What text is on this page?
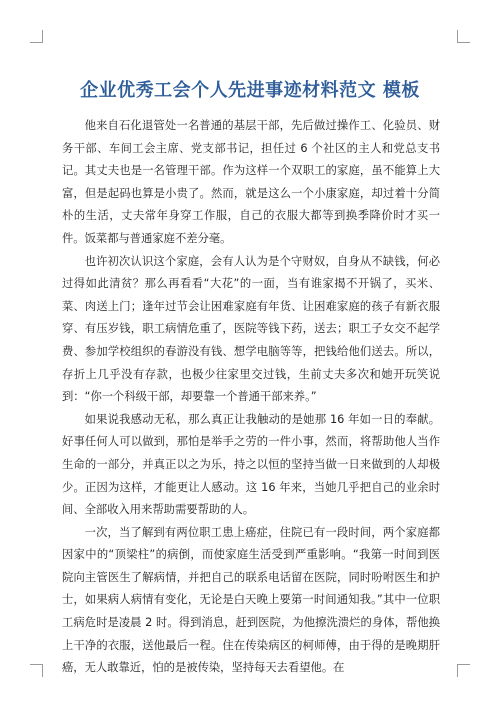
企业优秀工会个人先进事迹材料范文 模板

他来自石化退管处一名普通的基层干部，先后做过操作工、化验员、财务干部、车间工会主席、党支部书记，担任过 6 个社区的主人和党总支书记。其丈夫也是一名管理干部。作为这样一个双职工的家庭，虽不能算上大富，但是起码也算是小贵了。然而，就是这么一个小康家庭，却过着十分简朴的生活，丈夫常年身穿工作服，自己的衣服大都等到换季降价时才买一件。饭菜都与普通家庭不差分毫。

也许初次认识这个家庭，会有人认为是个守财奴，自身从不缺钱，何必过得如此清贫？那么再看看“大花”的一面，当有谁家揭不开锅了，买米、菜、肉送上门；逢年过节会让困难家庭有年货、让困难家庭的孩子有新衣服穿、有压岁钱，职工病情危重了，医院等钱下药，送去；职工子女交不起学费、参加学校组织的春游没有钱、想学电脑等等，把钱给他们送去。所以，存折上几乎没有存款，也极少往家里交过钱，生前丈夫多次和她开玩笑说到：“你一个科级干部，却要靠一个普通干部来养。”

如果说我感动无私，那么真正让我触动的是她那 16 年如一日的奉献。好事任何人可以做到，那怕是举手之劳的一件小事，然而，将帮助他人当作生命的一部分，并真正以之为乐，持之以恒的坚持当做一日来做到的人却极少。正因为这样，才能更让人感动。这 16 年来，当她几乎把自己的业余时间、全部收入用来帮助需要帮助的人。

一次，当了解到有两位职工患上癌症，住院已有一段时间，两个家庭都因家中的“顶梁柱”的病倒，而使家庭生活受到严重影响。“我第一时间到医院向主管医生了解病情，并把自己的联系电话留在医院，同时吩咐医生和护士，如果病人病情有变化，无论是白天晚上要第一时间通知我。”其中一位职工病危时是凌晨 2 时。得到消息，赶到医院，为他擦洗溃烂的身体，帮他换上干净的衣服，送他最后一程。住在传染病区的柯师傅，由于得的是晚期肝癌，无人敢靠近，怕的是被传染，坚持每天去看望他。在
